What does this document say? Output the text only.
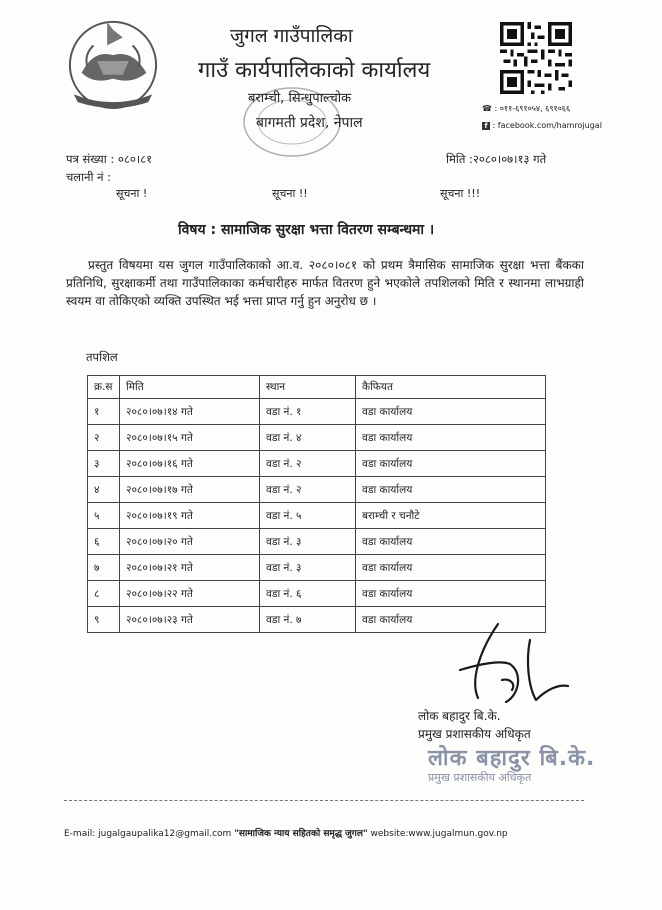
जुगल गाउँपालिका
गाउँ कार्यपालिकाको कार्यालय
बराम्ची, सिन्धुपाल्चोक
बागमती प्रदेश, नेपाल
☎ : ०११-६९१०५४, ६९१०६६
f : facebook.com/hamrojugal
पत्र संख्या : ०८०।८१
चलानी नं :
मिति :२०८०।०७।१३ गते
सूचना !	सूचना !!	सूचना !!!
विषय : सामाजिक सुरक्षा भत्ता वितरण सम्बन्धमा ।
प्रस्तुत विषयमा यस जुगल गाउँपालिकाको आ.व. २०८०।०८१ को प्रथम त्रैमासिक सामाजिक सुरक्षा भत्ता बैंकका प्रतिनिधि, सुरक्षाकर्मी तथा गाउँपालिकाका कर्मचारीहरु मार्फत वितरण हुने भएकोले तपशिलको मिति र स्थानमा लाभग्राही स्वयम वा तोकिएको व्यक्ति उपस्थित भई भत्ता प्राप्त गर्नु हुन अनुरोध छ ।
तपशिल
क्र.स	मिति	स्थान	कैफियत
१	२०८०।०७।१४ गते	वडा नं. १	वडा कार्यालय
२	२०८०।०७।१५ गते	वडा नं. ४	वडा कार्यालय
३	२०८०।०७।१६ गते	वडा नं. २	वडा कार्यालय
४	२०८०।०७।१७ गते	वडा नं. २	वडा कार्यालय
५	२०८०।०७।१९ गते	वडा नं. ५	बराम्ची र चनौटे
६	२०८०।०७।२० गते	वडा नं. ३	वडा कार्यालय
७	२०८०।०७।२१ गते	वडा नं. ३	वडा कार्यालय
८	२०८०।०७।२२ गते	वडा नं. ६	वडा कार्यालय
९	२०८०।०७।२३ गते	वडा नं. ७	वडा कार्यालय
लोक बहादुर बि.के.
प्रमुख प्रशासकीय अधिकृत
लोक बहादुर बि.के.
प्रमुख प्रशासकीय अधिकृत
E-mail: jugalgaupalika12@gmail.com "सामाजिक न्याय सहितको समृद्ध जुगल" website:www.jugalmun.gov.np
